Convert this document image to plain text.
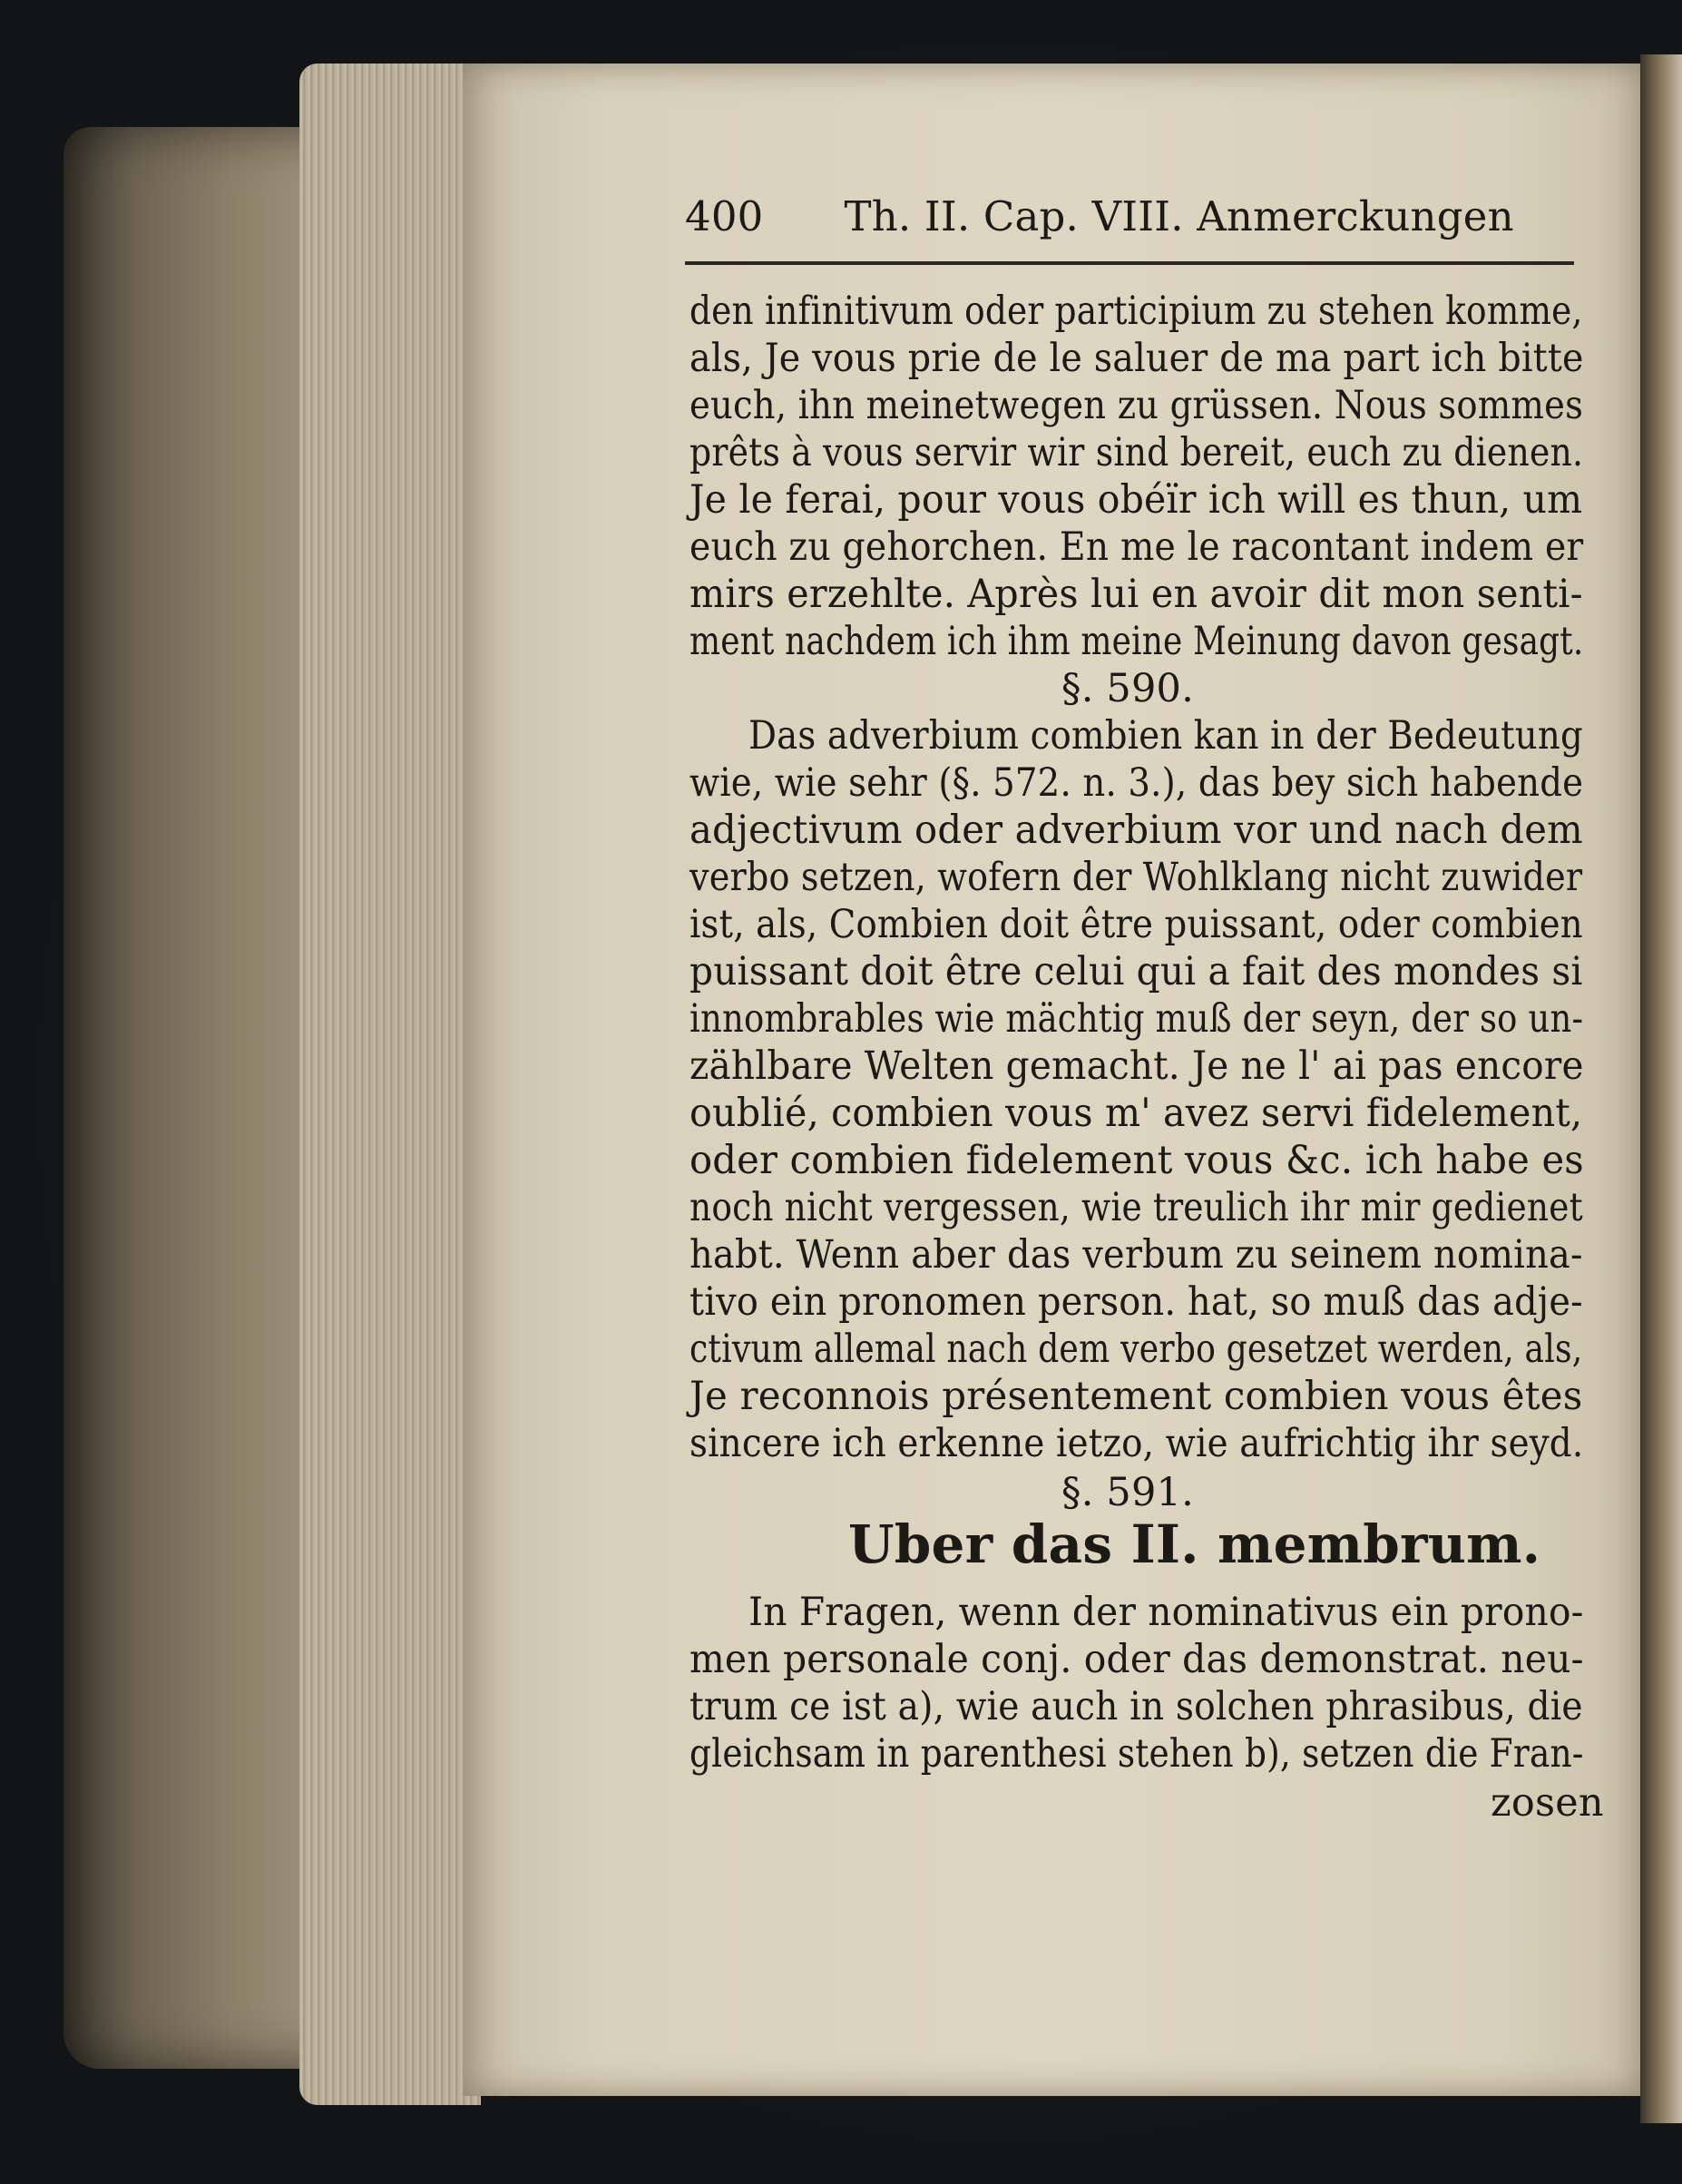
400 Th. II. Cap. VIII. Anmerckungen
den infinitivum oder participium zu stehen komme,
als, Je vous prie de le saluer de ma part ich bitte
euch, ihn meinetwegen zu grüssen. Nous sommes
prêts à vous servir wir sind bereit, euch zu dienen.
Je le ferai, pour vous obéïr ich will es thun, um
euch zu gehorchen. En me le racontant indem er
mirs erzehlte. Après lui en avoir dit mon senti-
ment nachdem ich ihm meine Meinung davon gesagt.
§. 590.
Das adverbium combien kan in der Bedeutung
wie, wie sehr (§. 572. n. 3.), das bey sich habende
adjectivum oder adverbium vor und nach dem
verbo setzen, wofern der Wohlklang nicht zuwider
ist, als, Combien doit être puissant, oder combien
puissant doit être celui qui a fait des mondes si
innombrables wie mächtig muß der seyn, der so un-
zählbare Welten gemacht. Je ne l' ai pas encore
oublié, combien vous m' avez servi fidelement,
oder combien fidelement vous &c. ich habe es
noch nicht vergessen, wie treulich ihr mir gedienet
habt. Wenn aber das verbum zu seinem nomina-
tivo ein pronomen person. hat, so muß das adje-
ctivum allemal nach dem verbo gesetzet werden, als,
Je reconnois présentement combien vous êtes
sincere ich erkenne ietzo, wie aufrichtig ihr seyd.
§. 591.
Uber das II. membrum.
In Fragen, wenn der nominativus ein prono-
men personale conj. oder das demonstrat. neu-
trum ce ist a), wie auch in solchen phrasibus, die
gleichsam in parenthesi stehen b), setzen die Fran-
zosen
